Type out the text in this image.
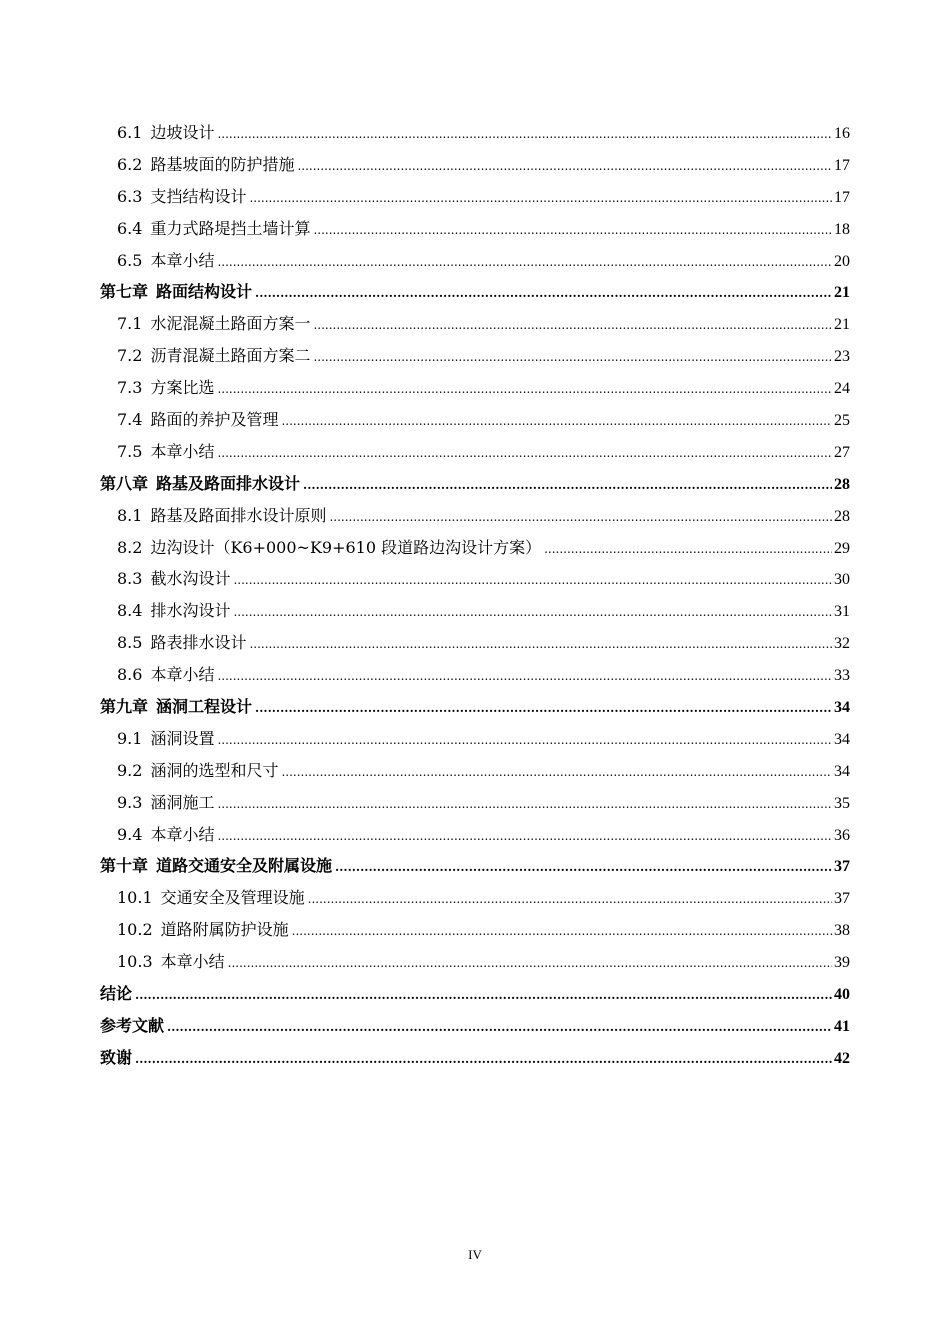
6.1 边坡设计 .....	16
6.2 路基坡面的防护措施 .....	17
6.3 支挡结构设计 .....	17
6.4 重力式路堤挡土墙计算 .....	18
6.5 本章小结 .....	20
第七章 路面结构设计 .....	21
7.1 水泥混凝土路面方案一 .....	21
7.2 沥青混凝土路面方案二 .....	23
7.3 方案比选 .....	24
7.4 路面的养护及管理 .....	25
7.5 本章小结 .....	27
第八章 路基及路面排水设计 .....	28
8.1 路基及路面排水设计原则 .....	28
8.2 边沟设计（K6+000~K9+610 段道路边沟设计方案） .....	29
8.3 截水沟设计 .....	30
8.4 排水沟设计 .....	31
8.5 路表排水设计 .....	32
8.6 本章小结 .....	33
第九章 涵洞工程设计 .....	34
9.1 涵洞设置 .....	34
9.2 涵洞的选型和尺寸 .....	34
9.3 涵洞施工 .....	35
9.4 本章小结 .....	36
第十章 道路交通安全及附属设施 .....	37
10.1 交通安全及管理设施 .....	37
10.2 道路附属防护设施 .....	38
10.3 本章小结 .....	39
结论 .....	40
参考文献 .....	41
致谢 .....	42
IV
